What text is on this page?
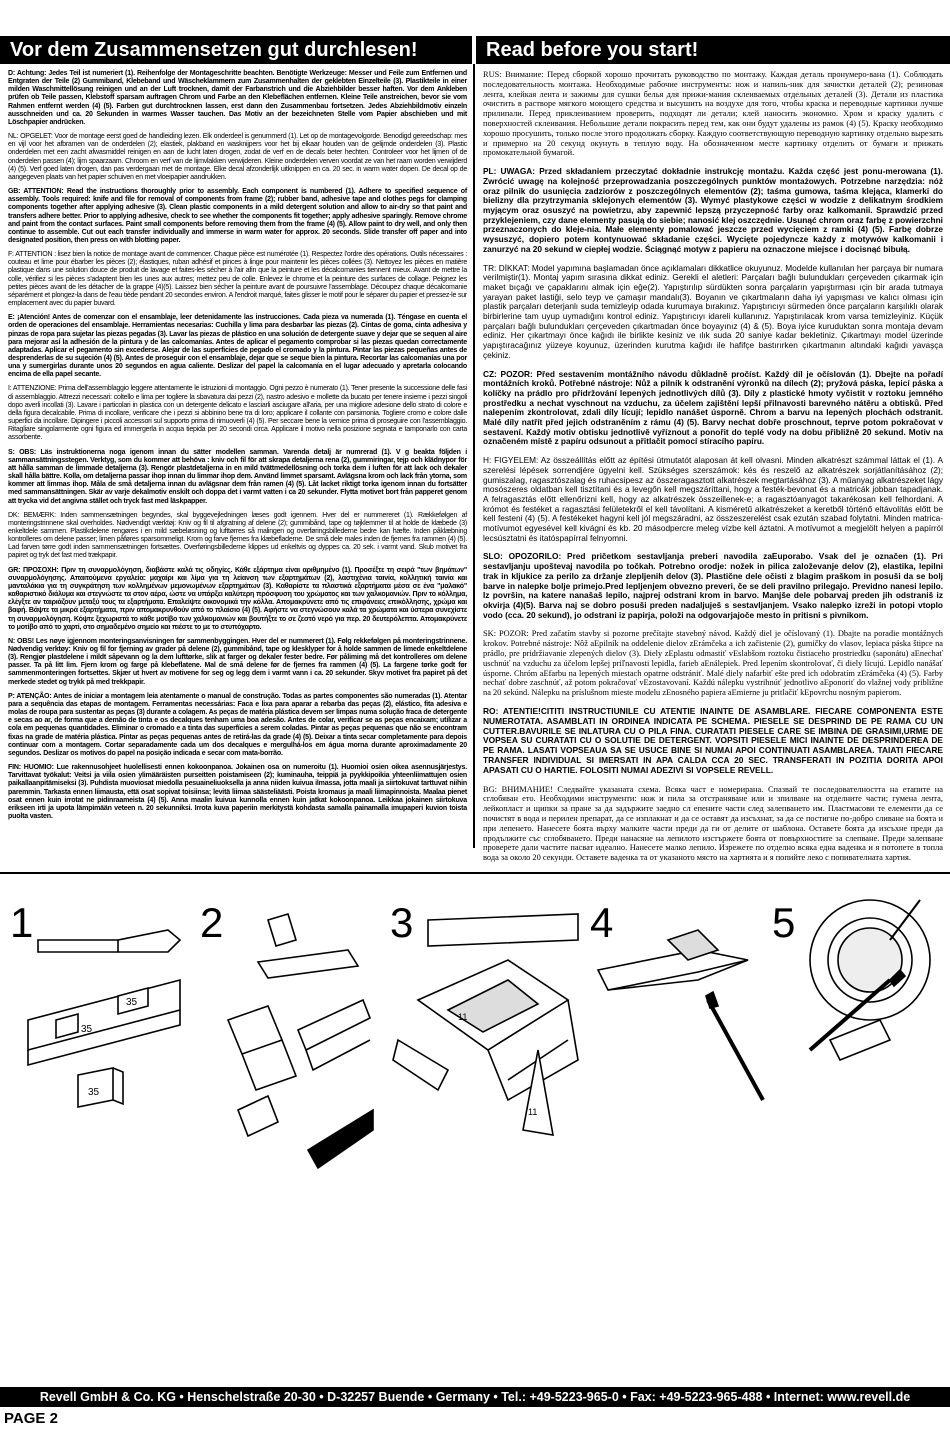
Vor dem Zusammensetzen gut durchlesen!	Read before you start!
D: Achtung: Jedes Teil ist numeriert (1). Reihenfolge der Montageschritte beachten. Benötigte Werkzeuge: Messer und Feile zum Entfernen und Entgraten der Teile (2) Gummiband, Klebeband und Wäscheklammern zum Zusammenhalten der geklebten Einzelteile (3). Plastikteile in einer milden Waschmittellösung reinigen und an der Luft trocknen, damit der Farbanstrich und die Abziehbilder besser haften. Vor dem Ankleben prüfen ob Teile passen, Klebstoff sparsam auftragen Chrom und Farbe an den Klebeflächen entfernen. Kleine Teile anstreichen, bevor sie vom Rahmen entfernt werden (4) (5). Farben gut durchtrocknen lassen, erst dann den Zusammenbau fortsetzen. Jedes Abziehbildmotiv einzeln ausschneiden und ca. 20 Sekunden in warmes Wasser tauchen. Das Motiv an der bezeichneten Stelle vom Papier abschieben und mit Löschpapier andrücken.
NL: OPGELET: Voor de montage eerst goed de handleiding lezen. Elk onderdeel is genummerd (1). Let op de montagevolgorde. Benodigd gereedschap: mes en vijl voor het afbramen van de onderdelen (2); elastiek, plakband en wasknijpers voor het bij elkaar houden van de gelijmde onderdelen (3). Plastic onderdelen met een zacht afwasmiddel reinigen en aan de lucht laten drogen, zodat de verf en de decals beter hechten. Controleer voor het lijmen of de onderdelen passen (4); lijm spaarzaam. Chroom en verf van de lijmvlakken verwijderen. Kleine onderdelen verven voordat ze van het raam worden verwijderd (4) (5). Verf goed laten drogen, dan pas verdergaan met de montage. Elke decal afzonderlijk uitknippen en ca. 20 sec. in warm water dopen. De decal op de aangegeven plaats van het papier schuiven en met vloeipapier aandrukken.
GB: ATTENTION: Read the instructions thoroughly prior to assembly. Each component is numbered (1). Adhere to specified sequence of assembly. Tools required: knife and file for removal of components from frame (2); rubber band, adhesive tape and clothes pegs for clamping components together after applying adhesive (3). Clean plastic components in a mild detergent solution and allow to air-dry so that paint and transfers adhere better. Prior to applying adhesive, check to see whether the components fit together; apply adhesive sparingly. Remove chrome and paint from the contact surfaces. Paint small components before removing them from the frame (4) (5). Allow paint to dry well, and only then continue to assemble. Cut out each transfer individually and immerse in warm water for approx. 20 seconds. Slide transfer off paper and into designated position, then press on with blotting paper.
F: ATTENTION : lisez bien la notice de montage avant de commencer. Chaque pièce est numérotée (1). Respectez l'ordre des opérations. Outils nécessaires : couteau et lime pour ébarber les pièces (2); élastiques, ruban adhésif et pinces à linge pour maintenir les pièces collées (3). Nettoyez les pièces en matière plastique dans une solution douce de produit de lavage et faites-les sécher à l'air afin que la peinture et les décalcomanies tiennent mieux. Avant de mettre la colle, vérifiez si les pièces s'adaptent bien les unes aux autres; mettez peu de colle. Enlevez le chrome et la peinture des surfaces de collage. Peignez les petites pièces avant de les détacher de la grappe (4)(5). Laissez bien sécher la peinture avant de poursuivre l'assemblage. Découpez chaque décalcomanie séparément et plongez-la dans de l'eau tiède pendant 20 secondes environ. A l'endroit marqué, faites glisser le motif pour le séparer du papier et pressez-le sur emplacement avec du papier buvard.
E: ¡Atención! Antes de comenzar con el ensamblaje, leer detenidamente las instrucciones. Cada pieza va numerada (1). Téngase en cuenta el orden de operaciones del ensamblaje. Herramientas necesarias: Cuchilla y lima para desbarbar las piezas (2). Cintas de goma, cinta adhesiva y pinzas de ropa para sujetar las piezas pegadas (3). Lavar las piezas de plástico en una solución de detergente suave y dejar que se sequen al aire para mejorar así la adhesión de la pintura y de las calcomanías. Antes de aplicar el pegamento comprobar si las piezas quedan correctamente adaptadas. Aplicar el pegamento sin excederse. Alejar de las superficies de pegado el cromado y la pintura. Pintar las piezas pequeñas antes de desprenderlas de su sujeción (4) (5). Antes de proseguir con el ensamblaje, dejar que se seque bien la pintura. Recortar las calcomanías una por una y sumergirlas durante unos 20 segundos en agua caliente. Deslizar del papel la calcomanía en el lugar adecuado y apretarla colocando encima de ella papel secante.
I: ATTENZIONE: Prima dell'assemblaggio leggere attentamente le istruzioni di montaggio. Ogni pezzo è numerato (1). Tener presente la successione delle fasi di assemblaggio. Attrezzi necessari: coltello e lima per togliere la sbavatura dai pezzi (2), nastro adesivo e mollette da bucato per tenere insieme i pezzi singoli dopo averli incollati (3). Lavare i particolari in plastica con un detergente delicato e lasciarli asciugare all'aria, per una migliore adesione dello strato di colore e della figura decalcabile. Prima di incollare, verificare che i pezzi si abbinino bene tra di loro; applicare il collante con parsimonia. Togliere cromo e colore dalle superfici da incollare. Dipingere i piccoli accessori sul supporto prima di rimuoverli (4) (5). Per seccare bene la vernice prima di proseguire con l'assemblaggio. Ritagliare singolarmente ogni figura ed immergerla in acqua tiepida per 20 secondi circa. Applicare il motivo nella posizione segnata e tamponarlo con carta assorbente.
S: OBS: Läs instruktionerna noga igenom innan du sätter modellen samman. Varenda detalj är numrerad (1). V g beakta följden i sammansättningsstegen. Verktyg, som du kommer att behöva : kniv och fil för att skrapa detaljerna rena (2), gummiringar, tejp och klädnypor för att hålla samman de limmade detaljerna (3). Rengör plastdetaljerna in en mild tvättmedellösning och torka dem i luften för att lack och dekaler skall hålla bättre. Kolla, om detaljerna passar ihop innan du limmar ihop dem. Använd limmet sparsamt. Avlägsna krom och lack från ytorna, som kommer att limmas ihop. Måla de små detaljerna innan du avlägsnar dem från ramen (4) (5). Låt lacket riktigt torka igenom innan du fortsätter med sammansättningen. Skär av varje dekalmotiv enskilt och doppa det i varmt vatten i ca 20 sekunder. Flytta motivet bort från papperet genom att trycka vid det angivna stället och tryck fast med läskpapper.
DK: BEMÆRK: Inden sammensætningen begyndes, skal byggevejledningen læses godt igennem. Hver del er nummereret (1). Rækkefølgen af monteringstrinnene skal overholdes. Nødvendigt værktøj: Kniv og fil til afgratning af delene (2); gummibånd, tape og tøjklemmer til at holde de klæbede (3) enkeltdele sammen. Plastikdelene rengøres i en mild sæbeløsning og lufttørres så malingen og overføringsbillederne bedre kan hæfte. Inden påklæbning kontrolleres om delene passer; limen påføres sparsommeligt. Krom og farve fjernes fra klæbefladerne. De små dele males inden de fjernes fra rammen (4) (5). Lad farven tørre godt inden sammensætningen fortsættes. Overføringsbillederne klippes ud enkeltvis og dyppes ca. 20 sek. i varmt vand. Skub motivet fra papiret og tryk det fast med trækpapir.
GR: ΠΡΟΣΟΧΗ: Πριν τη συναρμολόγηση, διαβάστε καλά τις οδηγίες. Κάθε εξάρτημα είναι αριθμημένο (1). Προσέξτε τη σειρά "των βημάτων" συναρμολόγησης. Απαιτούμενα εργαλεία: μαχαίρι και λίμα για τη λείανση των εξαρτημάτων (2), λαστιχένια ταινία, κολλητική ταινία και μανταλάκια για τη συγκράτηση των κολλημένων μεμονωμένων εξαρτημάτων (3). Καθαρίστε τα πλαστικά εξαρτήματα μέσα σε ένα "μαλακό" καθαριστικό διάλυμα και στεγνώστε τα στον αέρα, ώστε να υπάρξει καλύτερη πρόσφυση του χρώματος και των χαλκομανιών. Πριν το κόλλημα, ελέγξτε αν ταιριάζουν μεταξύ τους τα εξαρτήματα. Επαλείψτε οικονομικά την κόλλα. Απομακρύνετε από τις επιφάνειες επικόλλησης, χρώμα και βαφή. Βάψτε τα μικρά εξαρτήματα, πριν απομακρυνθούν από το πλαίσιο (4) (5). Αφήστε να στεγνώσουν καλά τα χρώματα και ύστερα συνεχίστε τη συναρμολόγηση. Κόψτε ξεχωριστά το κάθε μοτίβο των χαλκομανιών και βουτήξτε το σε ζεστό νερό για περ. 20 δευτερόλεπτα. Απομακρύνετε το μοτίβο από το χαρτί, στο σημαδεμένο σημείο και πιέστε το με το στυπόχαρτο.
N: OBS! Les nøye igjennom monteringsanvisningen før sammenbyggingen. Hver del er nummerert (1). Følg rekkefølgen på monteringstrinnene. Nødvendig verktøy: Kniv og fil for fjerning av grader på delene (2), gummibånd, tape og klesklyper for å holde sammen de limede enkeltdelene (3). Rengjør plastdelene i mildt såpevann og la dem lufttørke, slik at farger og dekaler fester bedre. Før påliming må det kontrolleres om delene passer. Ta på litt lim. Fjern krom og farge på klebeflatene. Mal de små delene før de fjernes fra rammen (4) (5). La fargene tørke godt før sammenmonteringen fortsettes. Skjær ut hvert av motivene for seg og legg dem i varmt vann i ca. 20 sekunder. Skyv motivet fra papiret på det merkede stedet og trykk på med trekkpapir.
P: ATENÇÃO: Antes de iniciar a montagem leia atentamente o manual de construção. Todas as partes componentes são numeradas (1). Atentar para a sequência das etapas de montagem. Ferramentas necessárias: Faca e lixa para aparar a rebarba das peças (2), elástico, fita adesiva e molas de roupa para sustentar as peças (3) durante a colagem. As peças de matéria plástica devem ser limpas numa solução fraca de detergente e secas ao ar, de forma que a demão de tinta e os decalques tenham uma boa adesão. Antes de colar, verificar se as peças encaixam; utilizar a cola em pequenas quantidades. Eliminar o cromado e a tinta das superfícies a serem coladas. Pintar as peças pequenas que não se encontram fixas na grade de matéria plástica. Pintar as peças pequenas antes de retirá-las da grade (4) (5). Deixar a tinta secar completamente para depois continuar com a montagem. Cortar separadamente cada um dos decalques e mergulhá-los em água morna durante aproximadamente 20 segundos. Deslizar os motivos do papel na posição indicada e secar com mata-borrão.
FIN: HUOMIO: Lue rakennusohjeet huolellisesti ennen kokoonpanoa. Jokainen osa on numeroitu (1). Huomioi osien oikea asennusjärjestys. Tarvittavat työkalut: Veitsi ja viila osien ylimääräisten purseitten poistamiseen (2); kuminauha, teippiä ja pyykkipoikia yhteenliimattujen osien paikallaanpitämiseksi (3). Puhdista muoviosat miedolla pesuaineliuoksella ja anna niiden kuivua ilmassa, jotta maali ja siirtokuvat tarttuvat niihin paremmin. Tarkasta ennen liimausta, että osat sopivat toisiinsa; levitä liimaa säästeliäästi. Poista kromaus ja maali liimapinnoista. Maalaa pienet osat ennen kuin irrotat ne pidinraameista (4) (5). Anna maalin kuivua kunnolla ennen kuin jatkat kokoonpanoa. Leikkaa jokainen siirtokuva erikseen irti ja upota lämpimään veteen n. 20 sekunniksi. Irrota kuva paperiin merkitystä kohdasta samalla painamalla imupaperi kuvion toista puolta vasten.
RUS: Внимание: Перед сборкой хорошо прочитать руководство по монтажу. Каждая деталь пронумеро-вана (1). Соблюдать последовательность монтажа. Необходимые рабочие инструменты: нож и напиль-ник для зачистки деталей (2); резиновая лента, клейкая лента и зажимы для сушки белья для прижи-мания склеиваемых отдельных деталей (3). Детали из пластика очистить в растворе мягкого моющего средства и высушить на воздухе для того, чтобы краска и переводные картинки лучше прилипали. Перед приклеиванием проверить, подходят ли детали; клей наносить экономно. Хром и краску удалить с поверхностей склеивания. Небольшие детали покрасить перед тем, как они будут удалены из рамок (4) (5). Краску необходимо хорошо просушить, только после этого продолжать сборку. Каждую соответствующую переводную картинку отдельно вырезать и примерно на 20 секунд окунуть в теплую воду. На обозначенном месте картинку отделить от бумаги и прижать промокательной бумагой.
PL: UWAGA: Przed składaniem przeczytać dokładnie instrukcję montażu. Każda część jest ponu-merowana (1). Zwrócić uwagę na kolejność przeprowadzania poszczególnych punktów montażowych. Potrzebne narzędzia: nóż oraz pilnik do usunięcia zadziorów z poszczególnych elementów (2); taśma gumowa, taśma klejąca, klamerki do bielizny dla przytrzymania sklejonych elementów (3). Wymyć plastykowe części w wodzie z delikatnym środkiem myjącym oraz osuszyć na powietrzu, aby zapewnić lepszą przyczepność farby oraz kalkomanii. Sprawdzić przed przyklejeniem, czy dane elementy pasują do siebie; nanosić klej oszczędnie. Usunąć chrom oraz farbę z powierzchni przeznaczonych do kleje-nia. Małe elementy pomalować jeszcze przed wycięciem z ramki (4) (5). Farbę dobrze wysuszyć, dopiero potem kontynuować składanie części. Wycięte pojedyncze każdy z motywów kalkomanii i zanurzyć na 20 sekund w ciepłej wodzie. Ściągnąć motyw z papieru na oznaczone miejsce i docisnąć bibułą.
TR: DİKKAT: Model yapımına başlamadan önce açıklamaları dikkatlice okuyunuz. Modelde kullanılan her parçaya bir numara verilmiştir(1). Montaj yapım sırasına dikkat ediniz. Gerekli el aletleri: Parçaları bağlı bulundukları çerçeveden çıkarmak için maket bıçağı ve çapaklarını almak için eğe(2). Yapıştırılıp sürdükten sonra parçaların yapıştırması ıçin bir arada tutmaya yarayan paket lastiği, selo teyp ve çamaşır mandalı(3). Boyanın ve çıkartmaların daha iyi yapışması ve kalıcı olması için plastik parçaları deterjanlı suda temizleyip odada kurumaya bırakınız. Yapıştırıcıyı sürmeden önce parçaların karşılıklı olarak birbirlerine tam uyup uymadığını kontrol ediniz. Yapıştırıcıyı idareli kullanınız. Yapıştırılacak krom varsa temizleyiniz. Küçük parçaları bağlı bulundukları çerçeveden çıkartmadan önce boyayınız (4) & (5). Boya iyice kuruduktan sonra montaja devam ediniz. Her çıkartmayı önce kağıdı ile birlikte kesiniz ve ılık suda 20 saniye kadar bekletiniz. Çıkartmayı model üzerinde yapıştıracağınız yüzeye koyunuz, üzerinden kurutma kağıdı ile hafifçe bastırırken çıkartmanın altındaki kağıdı yavaşça çekiniz.
CZ: POZOR: Před sestavením montážního návodu důkladně pročíst. Každý díl je očíslován (1). Dbejte na pořadí montážních kroků. Potřebné nástroje: Nůž a pilník k odstranění výronků na dílech (2); pryžová páska, lepicí páska a kolíčky na prádlo pro přidržování lepených jednotlivých dílů (3). Díly z plastické hmoty vyčistit v roztoku jemného prostředku a nechat vyschnout na vzduchu, za účelem zajištění lepší přilnavosti barevného nátěru a obtisků. Před nalepením zkontrolovat, zdali díly lícují; lepidlo nanášet úsporně. Chrom a barvu na lepených plochách odstranit. Malé díly natřít před jejich odstraněním z rámu (4) (5). Barvy nechat dobře proschnout, teprve potom pokračovat v sestavení. Každý motiv obtisku jednotlivě vyříznout a ponořit do teplé vody na dobu přibližně 20 sekund. Motiv na označeném místě z papíru odsunout a přitlačit pomocí stíracího papíru.
H: FIGYELEM: Az összeállítás előtt az építési útmutatót alaposan át kell olvasni. Minden alkatrészt számmal láttak el (1). A szerelési lépések sorrendjére ügyelni kell. Szükséges szerszámok: kés és reszelő az alkatrészek sorjátlanításához (2); gumiszalag, ragasztószalag és ruhacsipesz az összeragasztott alkatrészek megtartásához (3). A műanyag alkatrészeket lágy mosószeres oldatban kell tisztítani és a levegőn kell megszáríttani, hogy a festék-bevonat és a matricák jobban tapadjanak. A felragasztás előtt ellenőrizni kell, hogy az alkatrészek összeillenek-e; a ragasztóanyagot takarékosan kell felhordani. A krómot és festéket a ragasztási felületekről el kell távolítani. A kisméretű alkatrészeket a keretből történő eltávolítás előtt be kell festeni (4) (5). A festékeket hagyni kell jól megszáradni, az összeszerelést csak ezután szabad folytatni. Minden matrica-motívumot egyesével kell kivágni és kb. 20 másodpercre meleg vízbe kell áztatni. A motívumot a megjelölt helyen a papírról lecsúsztatni és itatóspapírral felnyomni.
SLO: OPOZORILO: Pred pričetkom sestavljanja preberi navodila zaЕuporabo. Vsak del je označen (1). Pri sestavljanju upoštevaj navodila po točkah. Potrebno orodje: nožek in pilica založevanje delov (2), elastika, lepilni trak in kljukice za perilo za držanje zlepljenih delov (3). Plastične dele očisti z blagim praškom in posuši da se bolj barve in nalepke bolje primejo.Pred lepljenjem obvezno preveri, če se deli pravilno prilegajo. Previdno nanesi lepilo. Iz površin, na katere nanašaš lepilo, najprej odstrani krom in barvo. Manjše dele pobarvaj preden jih odstraniš iz okvirja (4)(5). Barva naj se dobro posuši preden nadaljuješ s sestavljanjem. Vsako nalepko izreži in potopi vtoplo vodo (cca. 20 sekund), jo odstrani iz papirja, položi na odgovarjajoče mesto in pritisni s pivnikom.
SK: POZOR: Pred začatím stavby si pozorne prečítajte stavebný návod. Každý diel je očíslovaný (1). Dbajte na poradie montážnych krokov. Potrebné nástroje: Nôž aЕpilník na oddelenie dielov zЕrámčeka a ich začistenie (2), gumičky do vlasov, lepiaca páska štipce na prádlo, pre pridržiavanie zlepených dielov (3). Diely zЕplastu odmastiť vЕslabšom roztoku čistiaceho prostriedku (saponátu) aЕnechať uschnúť na vzduchu za účelom lepšej priľnavosti lepidla, farieb aЕnálepiek. Pred lepením skontrolovať, či diely lícujú. Lepidlo nanášať úsporne. Chróm aЕfarbu na lepených miestach opatrne odstrániť. Malé diely nafarbiť ešte pred ich odobratím zЕrámčeka (4) (5). Farby nechať dobre zaschnúť, až potom pokračovať vЕzostavovaní. Každú nálepku vystrihnúť jednotlivo aЕponoriť do vlažnej vody približne na 20 sekúnd. Nálepku na príslušnom mieste modelu zЕnosného papiera aЕmierne ju pritlačiť kЕpovrchu nosným papierom.
RO: ATENTIE!CITITI INSTRUCTIUNILE CU ATENTIE INAINTE DE ASAMBLARE. FIECARE COMPONENTA ESTE NUMEROTATA. ASAMBLATI IN ORDINEA INDICATA PE SCHEMA. PIESELE SE DESPRIND DE PE RAMA CU UN CUTTER.BAVURILE SE INLATURA CU O PILA FINA. CURATATI PIESELE CARE SE IMBINA DE GRASIMI,URME DE VOPSEA SU CURATATI CU O SOLUTIE DE DETERGENT. VOPSITI PIESELE MICI INAINTE DE DESPRINDEREA DE PE RAMA. LASATI VOPSEAUA SA SE USUCE BINE SI NUMAI APOI CONTINUATI ASAMBLAREA. TAIATI FIECARE TRANSFER INDIVIDUAL SI IMERSATI IN APA CALDA CCA 20 SEC. TRANSFERATI IN POZITIA DORITA APOI APASATI CU O HARTIE. FOLOSITI NUMAI ADEZIVI SI VOPSELE REVELL.
BG: ВНИМАНИЕ! Следвайте указаната схема. Всяка част е номерирана. Спазвай те последователността на етапите на сглобяван ето. Необходими инструменти: нож и пила за отстраняване или и зпилване на отделните части; гумена лента, лейкопласт и щипки за пране за да задържите заедно сл епените части след залепването им. Пластмасови те елементи да се почистят в вода и перилен препарат, да се изплакнат и да се оставят да изсъхнат, за да се постигне по-добро сливане на боята и при лепенето. Нанесете боята върху малките части преди да ги от делите от шаблона. Оставете боята да изсъхне преди да продължите със сглобяването. Преди нанасяне на лепилото изстържете боята от повърхностите за слепване. Преди залепване проверете дали частите пасват идеално. Нанесете малко лепило. Изрежете по отделно всяка една ваденка и я потопете в топла вода за около 20 секунди. Оставете ваденка та от указаното място на хартията и я попийте леко с попивателната хартия.
1
35
35
35
2	3
11
11
4	5
Revell GmbH & Co. KG • Henschelstraße 20-30 • D-32257 Buende • Germany • Tel.: +49-5223-965-0 • Fax: +49-5223-965-488 • Internet: www.revell.de
PAGE 2
